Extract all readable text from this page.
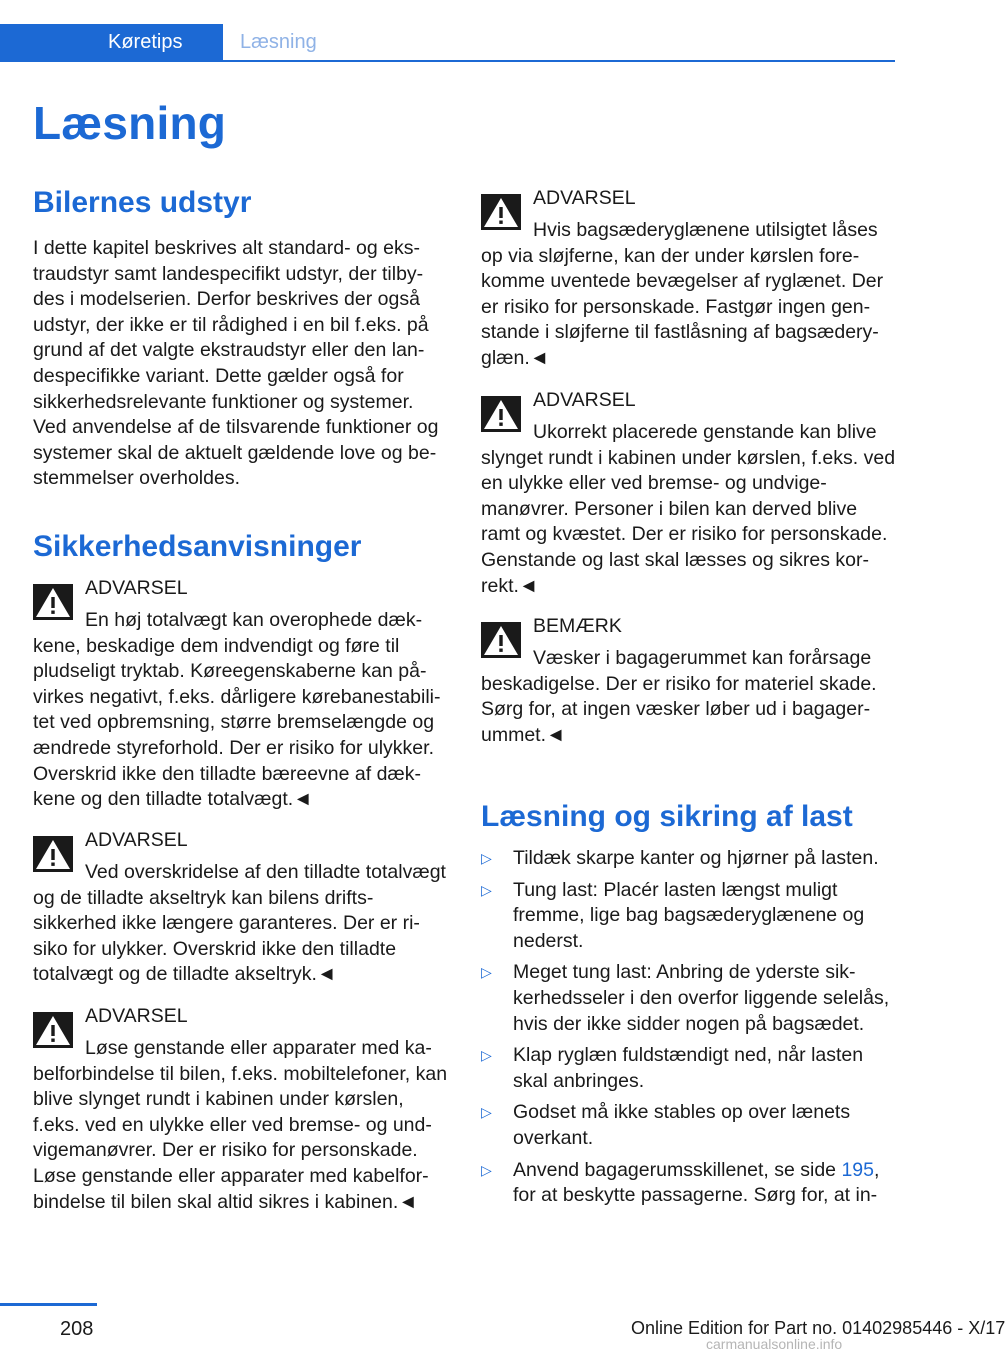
Køretips	Læsning
Læsning
Bilernes udstyr

I dette kapitel beskrives alt standard- og ekstraudstyr samt landespecifikt udstyr, der tilbydes i modelserien. Derfor beskrives der også udstyr, der ikke er til rådighed i en bil f.eks. på grund af det valgte ekstraudstyr eller den landespecifikke variant. Dette gælder også for sikkerhedsrelevante funktioner og systemer. Ved anvendelse af de tilsvarende funktioner og systemer skal de aktuelt gældende love og bestemmelser overholdes.

Sikkerhedsanvisninger
ADVARSEL
En høj totalvægt kan overophede dækkene, beskadige dem indvendigt og føre til pludseligt tryktab. Køreegenskaberne kan påvirkes negativt, f.eks. dårligere kørebanestabilitet ved opbremsning, større bremselængde og ændrede styreforhold. Der er risiko for ulykker. Overskrid ikke den tilladte bæreevne af dækkene og den tilladte totalvægt.◄
ADVARSEL
Ved overskridelse af den tilladte totalvægt og de tilladte akseltryk kan bilens driftssikkerhed ikke længere garanteres. Der er risiko for ulykker. Overskrid ikke den tilladte totalvægt og de tilladte akseltryk.◄
ADVARSEL
Løse genstande eller apparater med kabelforbindelse til bilen, f.eks. mobiltelefoner, kan blive slynget rundt i kabinen under kørslen, f.eks. ved en ulykke eller ved bremse- og undvigemanøvrer. Der er risiko for personskade. Løse genstande eller apparater med kabelforbindelse til bilen skal altid sikres i kabinen.◄
ADVARSEL
Hvis bagsæderyglænene utilsigtet låses op via sløjferne, kan der under kørslen forekomme uventede bevægelser af ryglænet. Der er risiko for personskade. Fastgør ingen genstande i sløjferne til fastlåsning af bagsæderyglæn.◄
ADVARSEL
Ukorrekt placerede genstande kan blive slynget rundt i kabinen under kørslen, f.eks. ved en ulykke eller ved bremse- og undvigemanøvrer. Personer i bilen kan derved blive ramt og kvæstet. Der er risiko for personskade. Genstande og last skal læsses og sikres korrekt.◄
BEMÆRK
Væsker i bagagerummet kan forårsage beskadigelse. Der er risiko for materiel skade. Sørg for, at ingen væsker løber ud i bagagerummet.◄
Læsning og sikring af last
▷ Tildæk skarpe kanter og hjørner på lasten.
▷ Tung last: Placér lasten længst muligt fremme, lige bag bagsæderyglænene og nederst.
▷ Meget tung last: Anbring de yderste sikkerhedsseler i den overfor liggende selelås, hvis der ikke sidder nogen på bagsædet.
▷ Klap ryglæn fuldstændigt ned, når lasten skal anbringes.
▷ Godset må ikke stables op over lænets overkant.
▷ Anvend bagagerumsskillenet, se side 195, for at beskytte passagerne. Sørg for, at in-
208	Online Edition for Part no. 01402985446 - X/17
carmanualsonline.info
